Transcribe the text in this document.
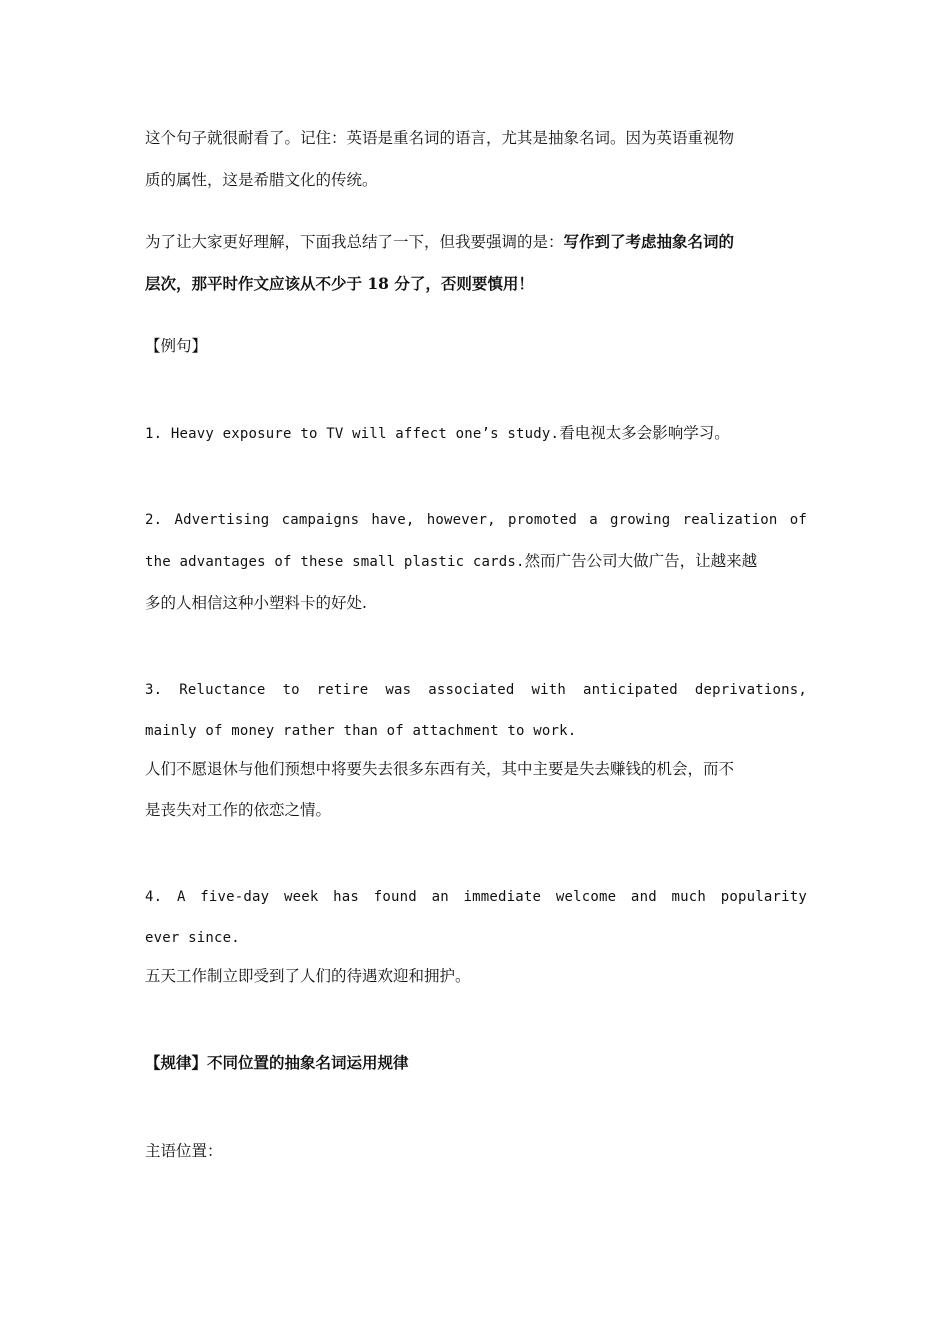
这个句子就很耐看了。记住：英语是重名词的语言，尤其是抽象名词。因为英语重视物
质的属性，这是希腊文化的传统。
为了让大家更好理解，下面我总结了一下，但我要强调的是：写作到了考虑抽象名词的
层次，那平时作文应该从不少于 18 分了，否则要慎用！
【例句】
1. Heavy exposure to TV will affect one’s study.看电视太多会影响学习。
2. Advertising campaigns have, however, promoted a growing realization of
the advantages of these small plastic cards.然而广告公司大做广告，让越来越
多的人相信这种小塑料卡的好处.
3. Reluctance to retire was associated with anticipated deprivations,
mainly of money rather than of attachment to work.
人们不愿退休与他们预想中将要失去很多东西有关，其中主要是失去赚钱的机会，而不
是丧失对工作的依恋之情。
4. A five-day week has found an immediate welcome and much popularity
ever since.
五天工作制立即受到了人们的待遇欢迎和拥护。
【规律】不同位置的抽象名词运用规律
主语位置：
